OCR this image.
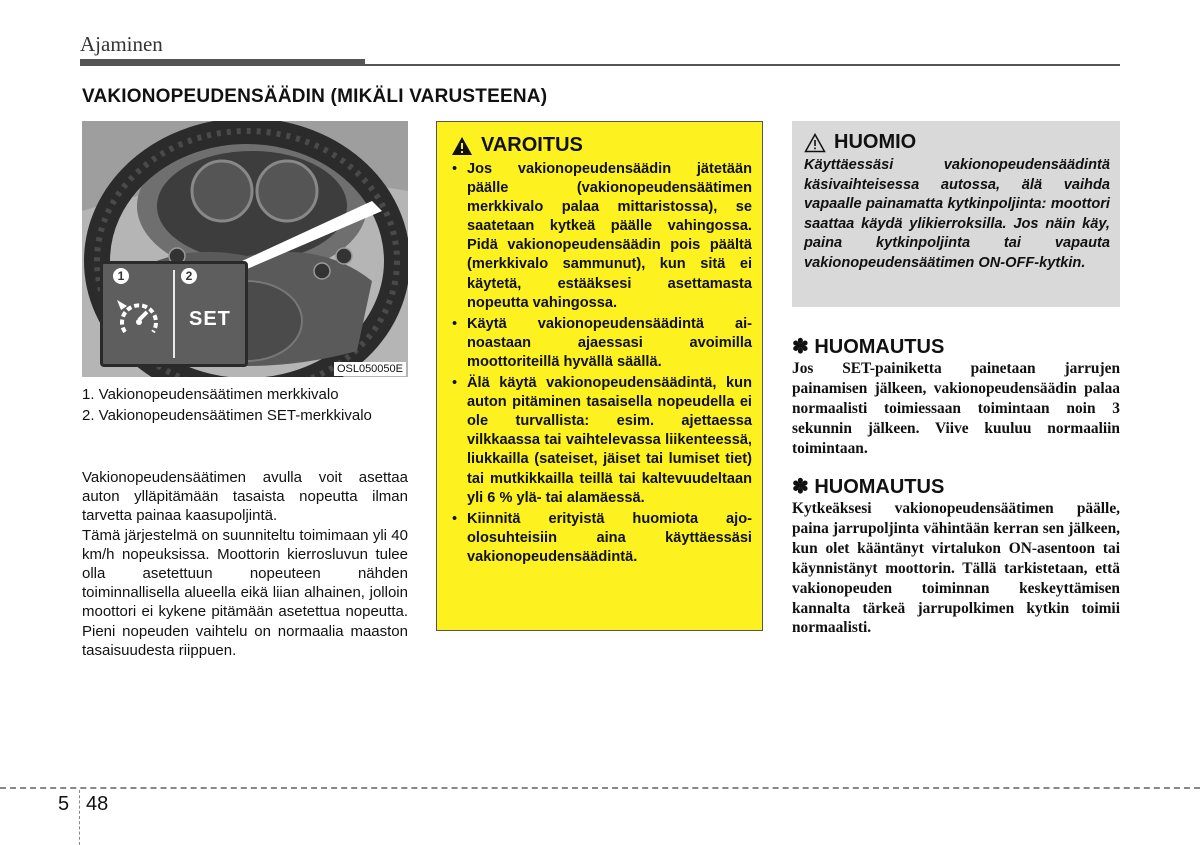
Ajaminen
VAKIONOPEUDENSÄÄDIN (MIKÄLI VARUSTEENA)
1	2
SET
OSL050050E
1. Vakionopeudensäätimen merkkivalo
2. Vakionopeudensäätimen SET-merkkivalo

Vakionopeudensäätimen avulla voit asettaa auton ylläpitämään tasaista nopeutta ilman tarvetta painaa kaasupoljintä.

Tämä järjestelmä on suunniteltu toimimaan yli 40 km/h nopeuksissa. Moottorin kierrosluvun tulee olla asetettuun nopeuteen nähden toiminnallisella alueella eikä liian alhainen, jolloin moottori ei kykene pitämään asetettua nopeutta. Pieni nopeuden vaihtelu on normaalia maaston tasaisuudesta riippuen.

VAROITUS
• Jos vakionopeudensäädin jätetään päälle (vakionopeudensäätimen merkkivalo palaa mittaristossa), se saatetaan kytkeä päälle vahingossa. Pidä vakionopeudensäädin pois päältä (merkkivalo sammunut), kun sitä ei käytetä, estääksesi asettamasta nopeutta vahingossa.
• Käytä vakionopeudensäädintä ainoastaan ajaessasi avoimilla moottoriteillä hyvällä säällä.
• Älä käytä vakionopeudensäädintä, kun auton pitäminen tasaisella nopeudella ei ole turvallista: esim. ajettaessa vilkkaassa tai vaihtelevassa liikenteessä, liukkailla (sateiset, jäiset tai lumiset tiet) tai mutkikkailla teillä tai kaltevuudeltaan yli 6 % ylä- tai alamäessä.
• Kiinnitä erityistä huomiota ajoolosuhteisiin aina käyttäessäsi vakionopeudensäädintä.
HUOMIO
Käyttäessäsi vakionopeudensäädintä käsivaihteisessa autossa, älä vaihda vapaalle painamatta kytkinpoljinta: moottori saattaa käydä ylikierroksilla. Jos näin käy, paina kytkinpoljinta tai vapauta vakionopeudensäätimen ON-OFF-kytkin.
✽ HUOMAUTUS
Jos SET-painiketta painetaan jarrujen painamisen jälkeen, vakionopeudensäädin palaa normaalisti toimiessaan toimintaan noin 3 sekunnin jälkeen. Viive kuuluu normaaliin toimintaan.
✽ HUOMAUTUS
Kytkeäksesi vakionopeudensäätimen päälle, paina jarrupoljinta vähintään kerran sen jälkeen, kun olet kääntänyt virtalukon ON-asentoon tai käynnistänyt moottorin. Tällä tarkistetaan, että vakionopeuden toiminnan keskeyttämisen kannalta tärkeä jarrupolkimen kytkin toimii normaalisti.
5 48
